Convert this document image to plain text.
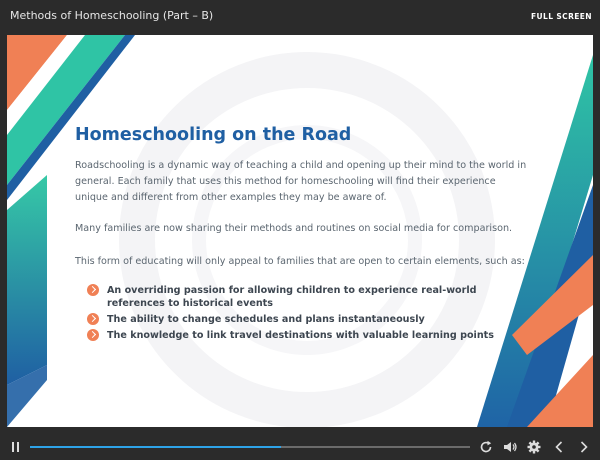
Methods of Homeschooling (Part – B)	FULL SCREEN
Homeschooling on the Road
Roadschooling is a dynamic way of teaching a child and opening up their mind to the world in general. Each family that uses this method for homeschooling will find their experience unique and different from other examples they may be aware of.
Many families are now sharing their methods and routines on social media for comparison.
This form of educating will only appeal to families that are open to certain elements, such as:
An overriding passion for allowing children to experience real-world references to historical events
The ability to change schedules and plans instantaneously
The knowledge to link travel destinations with valuable learning points
